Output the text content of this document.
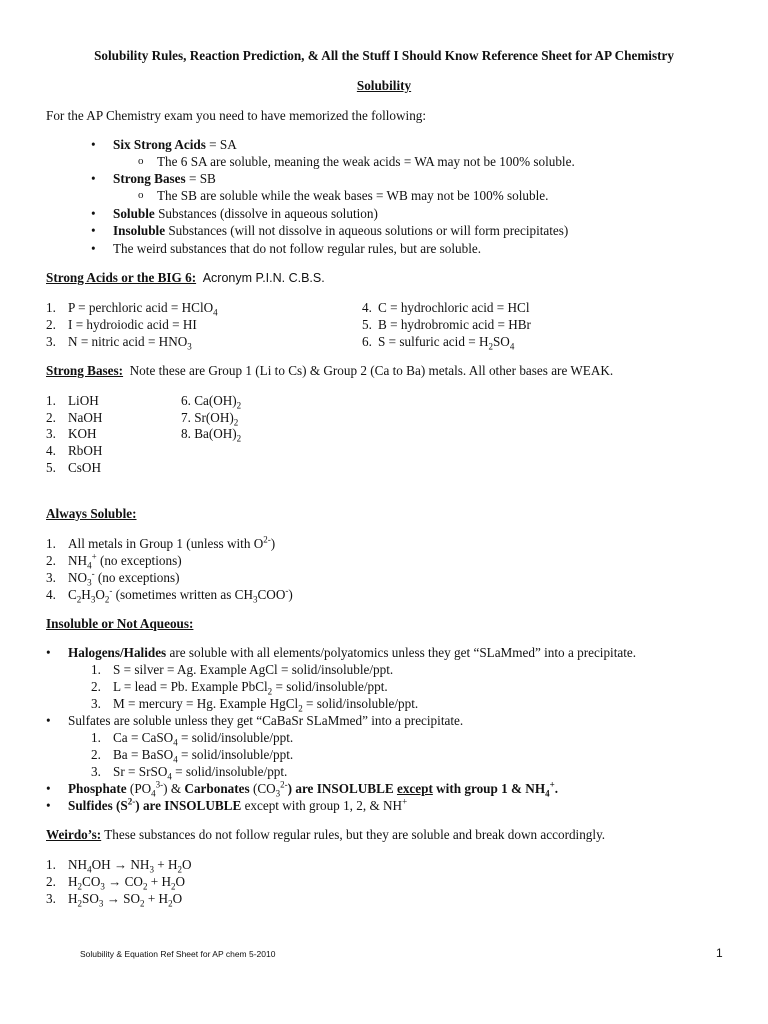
Solubility Rules, Reaction Prediction, & All the Stuff I Should Know Reference Sheet for AP Chemistry
Solubility
For the AP Chemistry exam you need to have memorized the following:
• Six Strong Acids = SA
o The 6 SA are soluble, meaning the weak acids = WA may not be 100% soluble.
• Strong Bases = SB
o The SB are soluble while the weak bases = WB may not be 100% soluble.
• Soluble Substances (dissolve in aqueous solution)
• Insoluble Substances (will not dissolve in aqueous solutions or will form precipitates)
• The weird substances that do not follow regular rules, but are soluble.
Strong Acids or the BIG 6: Acronym P.I.N. C.B.S.
1. P = perchloric acid = HClO$_4$
2. I = hydroiodic acid = HI
3. N = nitric acid = $HNO_3$
4. C = hydrochloric acid = HCl
5. B = hydrobromic acid = HBr
6. S = sulfuric acid = $H_2SO_4$
Strong Bases: Note these are Group 1 (Li to Cs) & Group 2 (Ca to Ba) metals. All other bases are WEAK.
1. LiOH
2. NaOH
3. KOH
4. RbOH
5. CsOH
6. $Ca(OH)_2$
7. $Sr(OH)_2$
8. $Ba(OH)_2$
Always Soluble:
1. All metals in Group 1 (unless with $O^{2-}$)
2. $NH_4^+$ (no exceptions)
3. $NO_3^-$ (no exceptions)
4. $C_2H_3O_2^-$ (sometimes written as $CH_3COO^-$)
Insoluble or Not Aqueous:
• Halogens/Halides are soluble with all elements/polyatomics unless they get “SLaMmed” into a precipitate.
1. S = silver = Ag. Example AgCl = solid/insoluble/ppt.
2. L = lead = Pb. Example PbCl$_2$ = solid/insoluble/ppt.
3. M = mercury = Hg. Example HgCl$_2$ = solid/insoluble/ppt.
• Sulfates are soluble unless they get “CaBaSr SLaMmed” into a precipitate.
1. Ca = CaSO$_4$ = solid/insoluble/ppt.
2. Ba = BaSO$_4$ = solid/insoluble/ppt.
3. Sr = SrSO$_4$ = solid/insoluble/ppt.
• Phosphate $(PO_4^{3-})$ & Carbonates $(CO_3^{2-})$ are INSOLUBLE except with group 1 & $NH_4^+$.
• Sulfides $(S^{2-})$ are INSOLUBLE except with group 1, 2, & NH+
Weirdo’s: These substances do not follow regular rules, but they are soluble and break down accordingly.
1. $NH_4OH \to NH_3 + H_2O$
2. $H_2CO_3 \to CO_2 + H_2O$
3. $H_2SO_3 \to SO_2 + H_2O$
Solubility & Equation Ref Sheet for AP chem 5-2010	1
